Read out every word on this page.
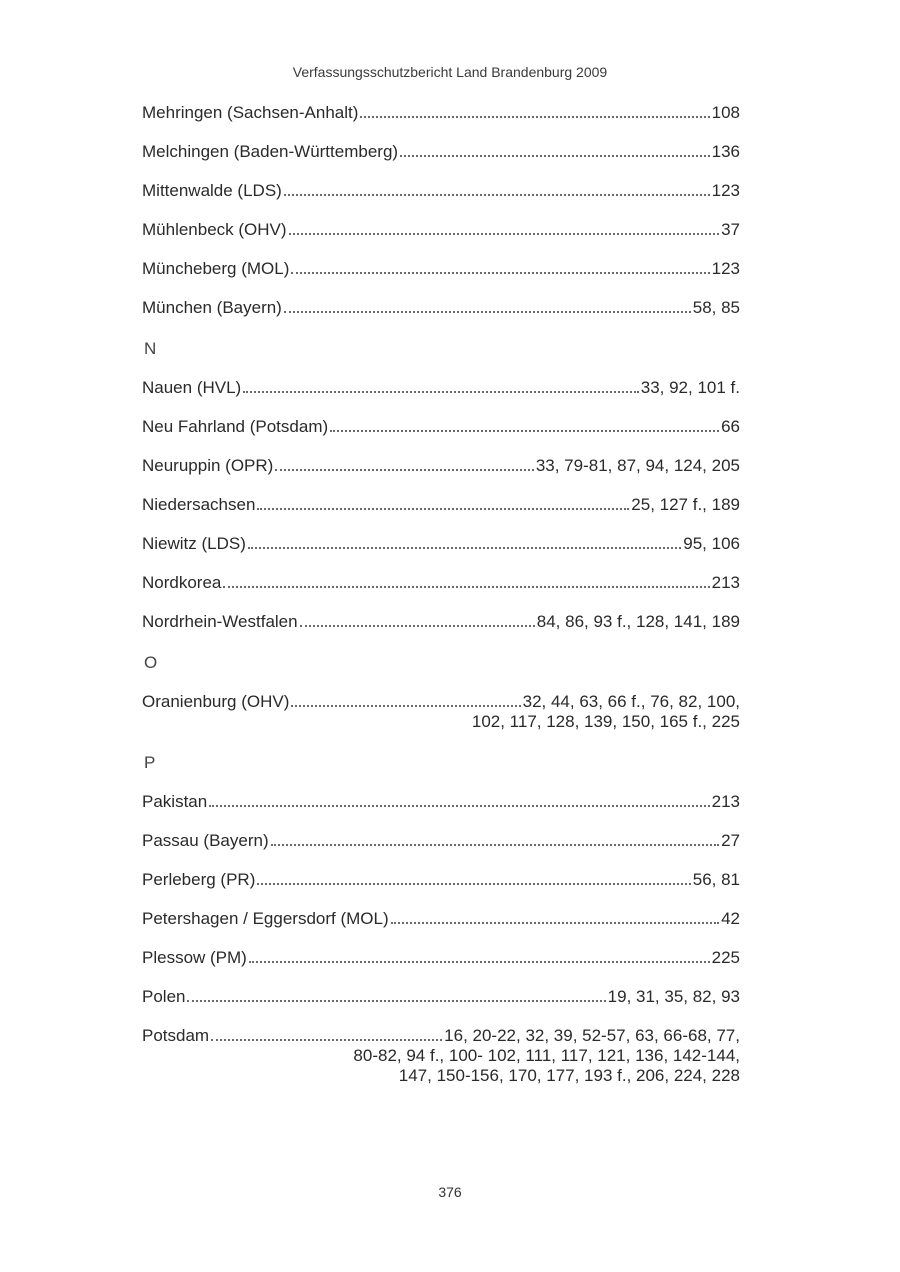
Verfassungsschutzbericht Land Brandenburg 2009
Mehringen (Sachsen-Anhalt)	108
Melchingen (Baden-Württemberg)	136
Mittenwalde (LDS)	123
Mühlenbeck (OHV)	37
Müncheberg (MOL)	123
München (Bayern)	58, 85
N
Nauen (HVL)	33, 92, 101 f.
Neu Fahrland (Potsdam)	66
Neuruppin (OPR)	33, 79-81, 87, 94, 124, 205
Niedersachsen	25, 127 f., 189
Niewitz (LDS)	95, 106
Nordkorea	213
Nordrhein-Westfalen	84, 86, 93 f., 128, 141, 189
O
Oranienburg (OHV)	32, 44, 63, 66 f., 76, 82, 100,
102, 117, 128, 139, 150, 165 f., 225
P
Pakistan	213
Passau (Bayern)	27
Perleberg (PR)	56, 81
Petershagen / Eggersdorf (MOL)	42
Plessow (PM)	225
Polen	19, 31, 35, 82, 93
Potsdam	16, 20-22, 32, 39, 52-57, 63, 66-68, 77,
80-82, 94 f., 100- 102, 111, 117, 121, 136, 142-144,
147, 150-156, 170, 177, 193 f., 206, 224, 228
376
